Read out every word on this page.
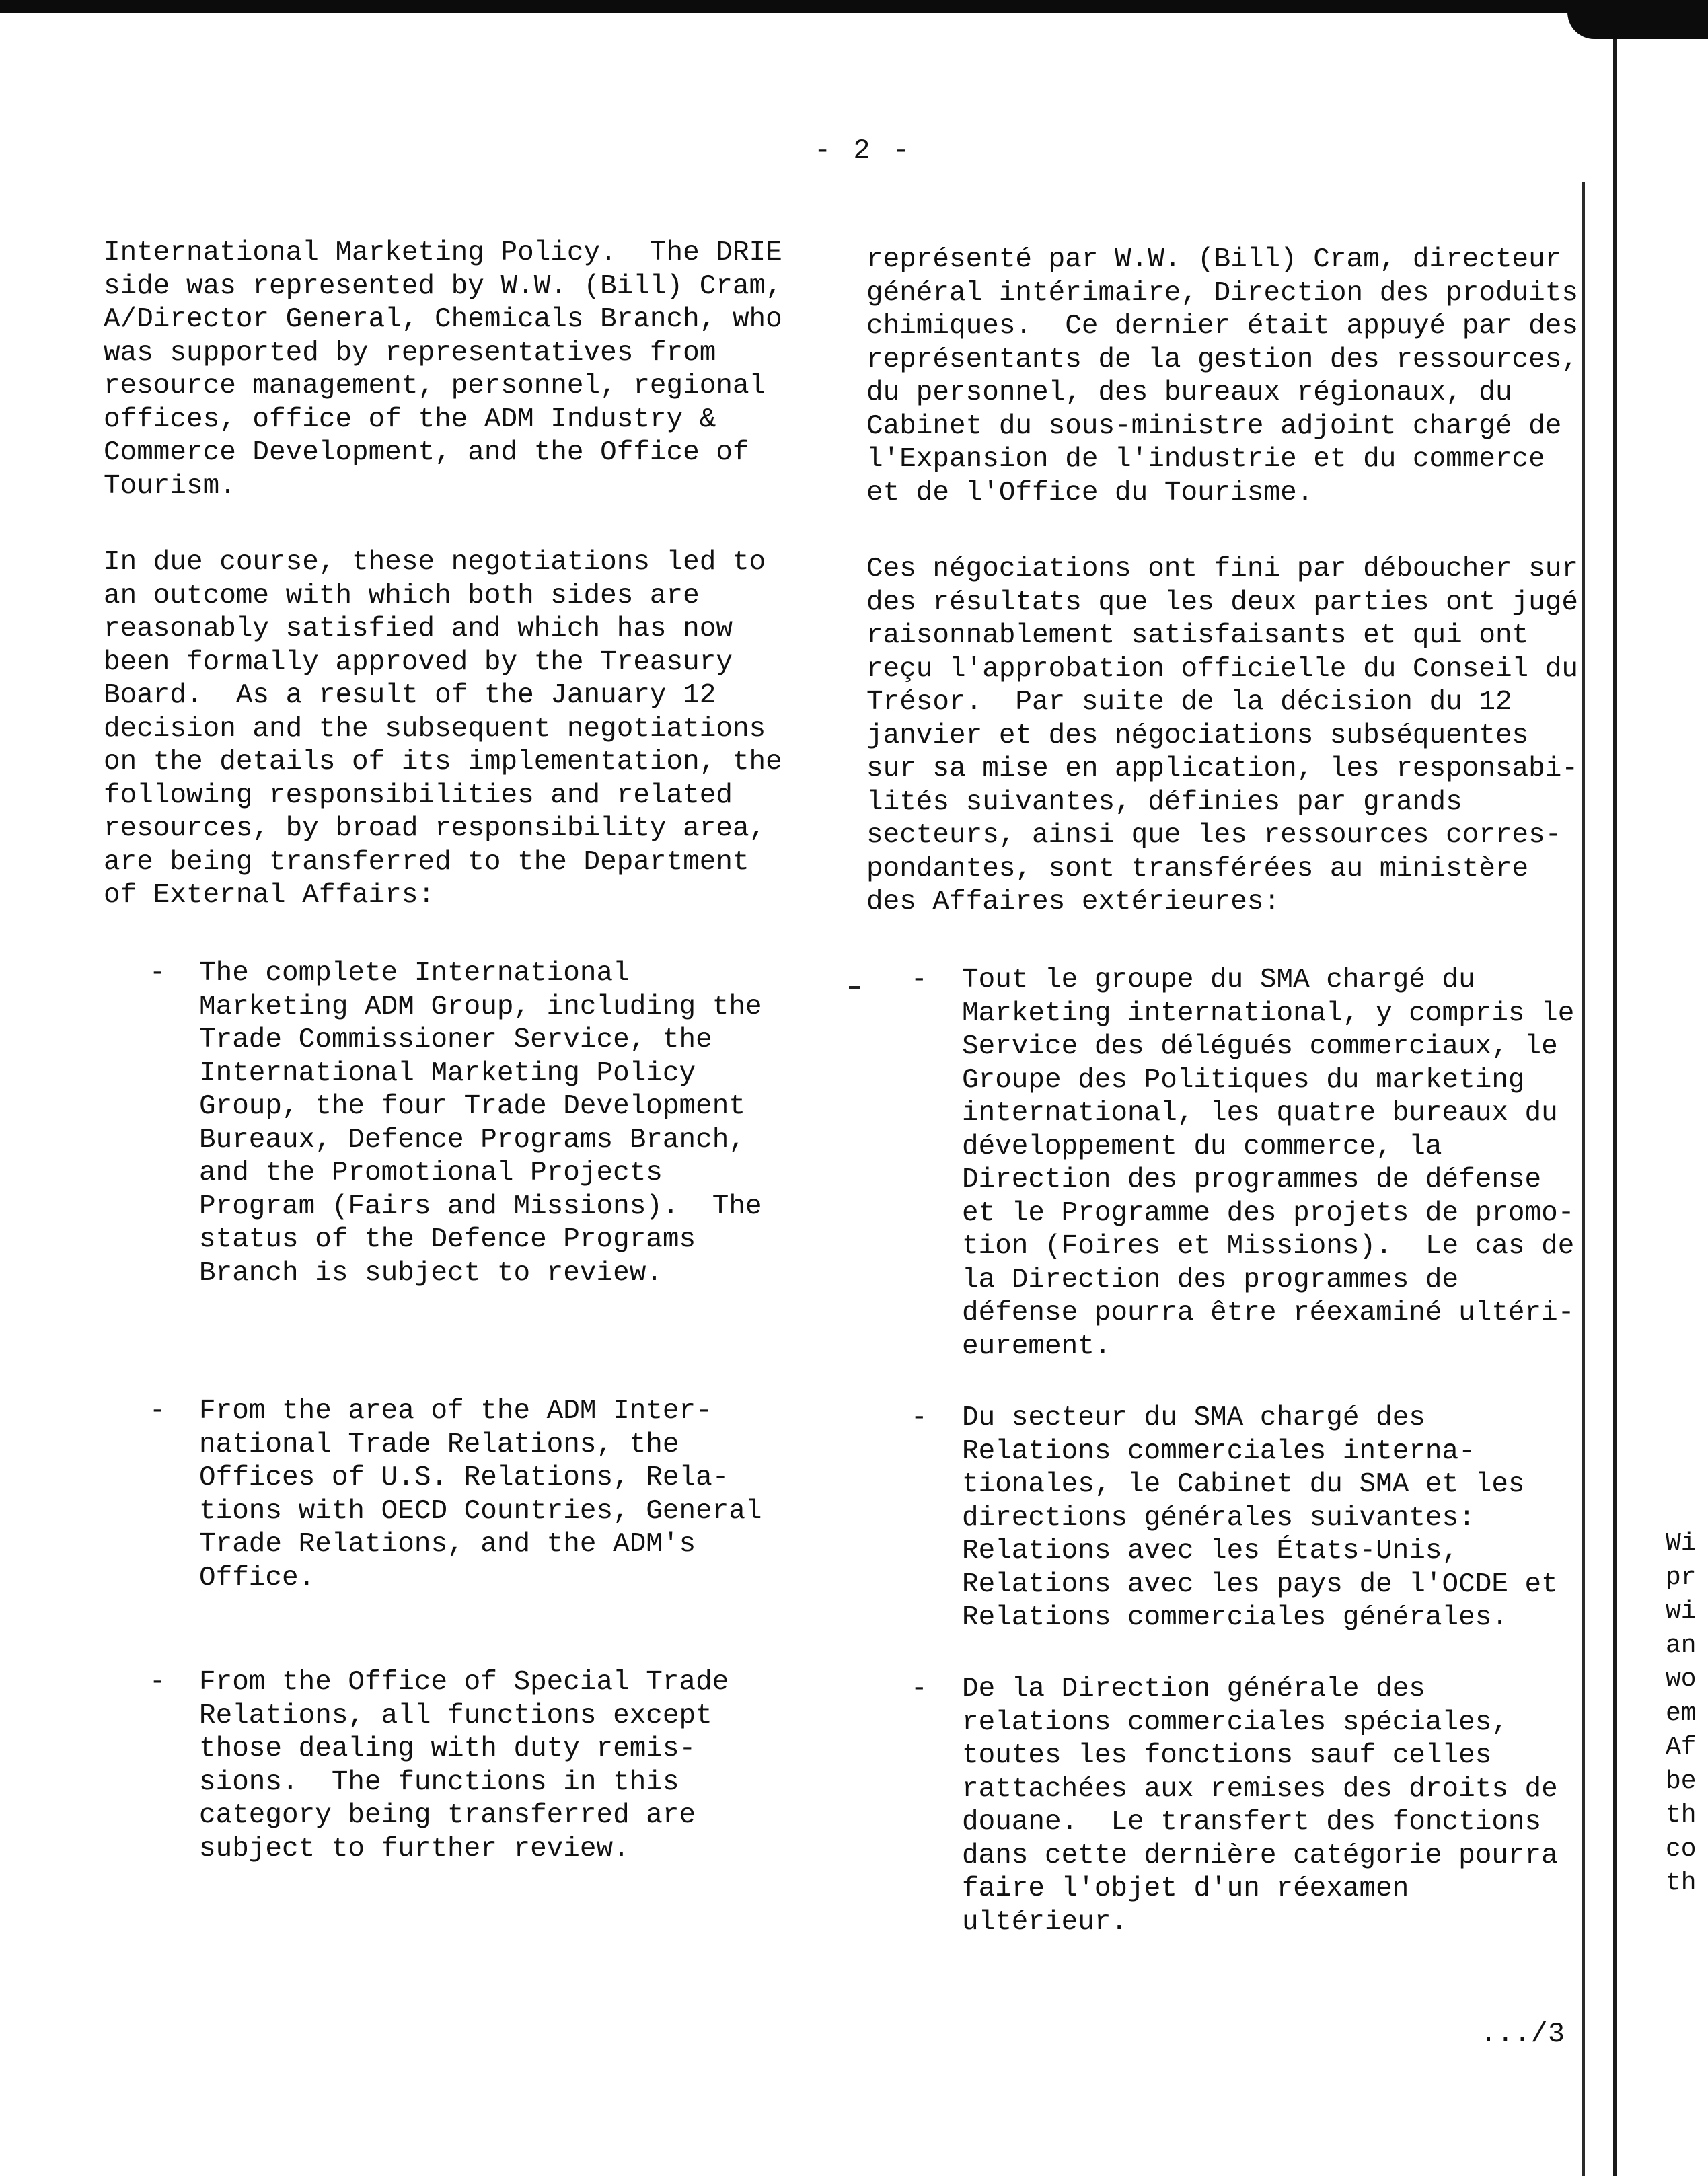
- 2 -
International Marketing Policy.  The DRIE
side was represented by W.W. (Bill) Cram,
A/Director General, Chemicals Branch, who
was supported by representatives from
resource management, personnel, regional
offices, office of the ADM Industry &
Commerce Development, and the Office of
Tourism.
In due course, these negotiations led to
an outcome with which both sides are
reasonably satisfied and which has now
been formally approved by the Treasury
Board.  As a result of the January 12
decision and the subsequent negotiations
on the details of its implementation, the
following responsibilities and related
resources, by broad responsibility area,
are being transferred to the Department
of External Affairs:
- The complete International
Marketing ADM Group, including the
Trade Commissioner Service, the
International Marketing Policy
Group, the four Trade Development
Bureaux, Defence Programs Branch,
and the Promotional Projects
Program (Fairs and Missions).  The
status of the Defence Programs
Branch is subject to review.
- From the area of the ADM Inter-
national Trade Relations, the
Offices of U.S. Relations, Rela-
tions with OECD Countries, General
Trade Relations, and the ADM's
Office.
- From the Office of Special Trade
Relations, all functions except
those dealing with duty remis-
sions.  The functions in this
category being transferred are
subject to further review.
représenté par W.W. (Bill) Cram, directeur
général intérimaire, Direction des produits
chimiques.  Ce dernier était appuyé par des
représentants de la gestion des ressources,
du personnel, des bureaux régionaux, du
Cabinet du sous-ministre adjoint chargé de
l'Expansion de l'industrie et du commerce
et de l'Office du Tourisme.
Ces négociations ont fini par déboucher sur
des résultats que les deux parties ont jugé
raisonnablement satisfaisants et qui ont
reçu l'approbation officielle du Conseil du
Trésor.  Par suite de la décision du 12
janvier et des négociations subséquentes
sur sa mise en application, les responsabi-
lités suivantes, définies par grands
secteurs, ainsi que les ressources corres-
pondantes, sont transférées au ministère
des Affaires extérieures:
- Tout le groupe du SMA chargé du
Marketing international, y compris le
Service des délégués commerciaux, le
Groupe des Politiques du marketing
international, les quatre bureaux du
développement du commerce, la
Direction des programmes de défense
et le Programme des projets de promo-
tion (Foires et Missions).  Le cas de
la Direction des programmes de
défense pourra être réexaminé ultéri-
eurement.
- Du secteur du SMA chargé des
Relations commerciales interna-
tionales, le Cabinet du SMA et les
directions générales suivantes:
Relations avec les États-Unis,
Relations avec les pays de l'OCDE et
Relations commerciales générales.
- De la Direction générale des
relations commerciales spéciales,
toutes les fonctions sauf celles
rattachées aux remises des droits de
douane.  Le transfert des fonctions
dans cette dernière catégorie pourra
faire l'objet d'un réexamen
ultérieur.
Wi
pr
wi
an
wo
em
Af
be
th
co
th
.../3
